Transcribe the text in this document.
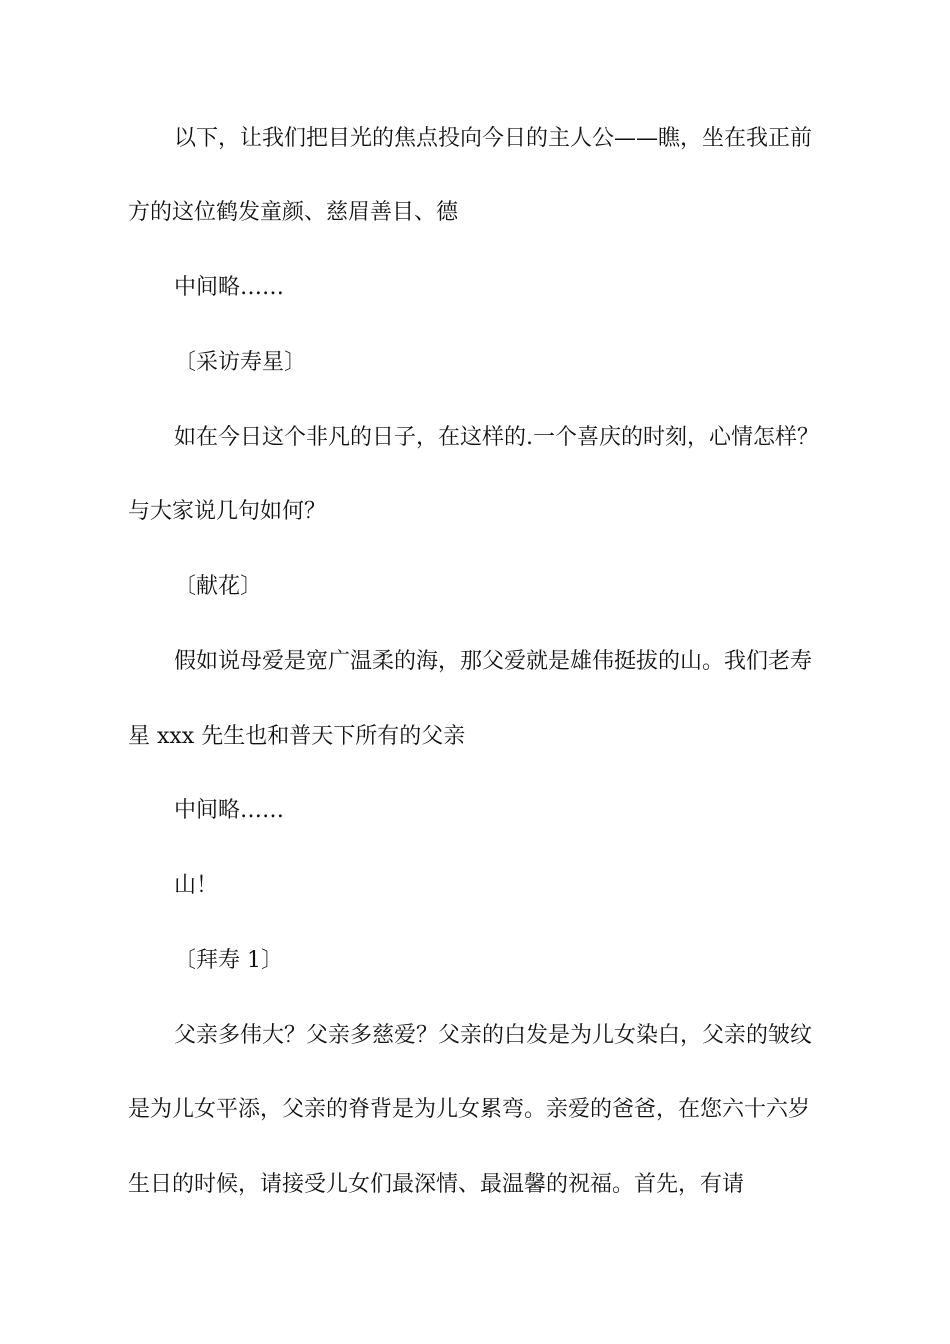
以下，让我们把目光的焦点投向今日的主人公——瞧，坐在我正前
方的这位鹤发童颜、慈眉善目、德
中间略……
〔采访寿星〕
如在今日这个非凡的日子，在这样的.一个喜庆的时刻，心情怎样？
与大家说几句如何？
〔献花〕
假如说母爱是宽广温柔的海，那父爱就是雄伟挺拔的山。我们老寿
星 xxx 先生也和普天下所有的父亲
中间略……
山！
〔拜寿 1〕
父亲多伟大？父亲多慈爱？父亲的白发是为儿女染白，父亲的皱纹
是为儿女平添，父亲的脊背是为儿女累弯。亲爱的爸爸，在您六十六岁
生日的时候，请接受儿女们最深情、最温馨的祝福。首先，有请
